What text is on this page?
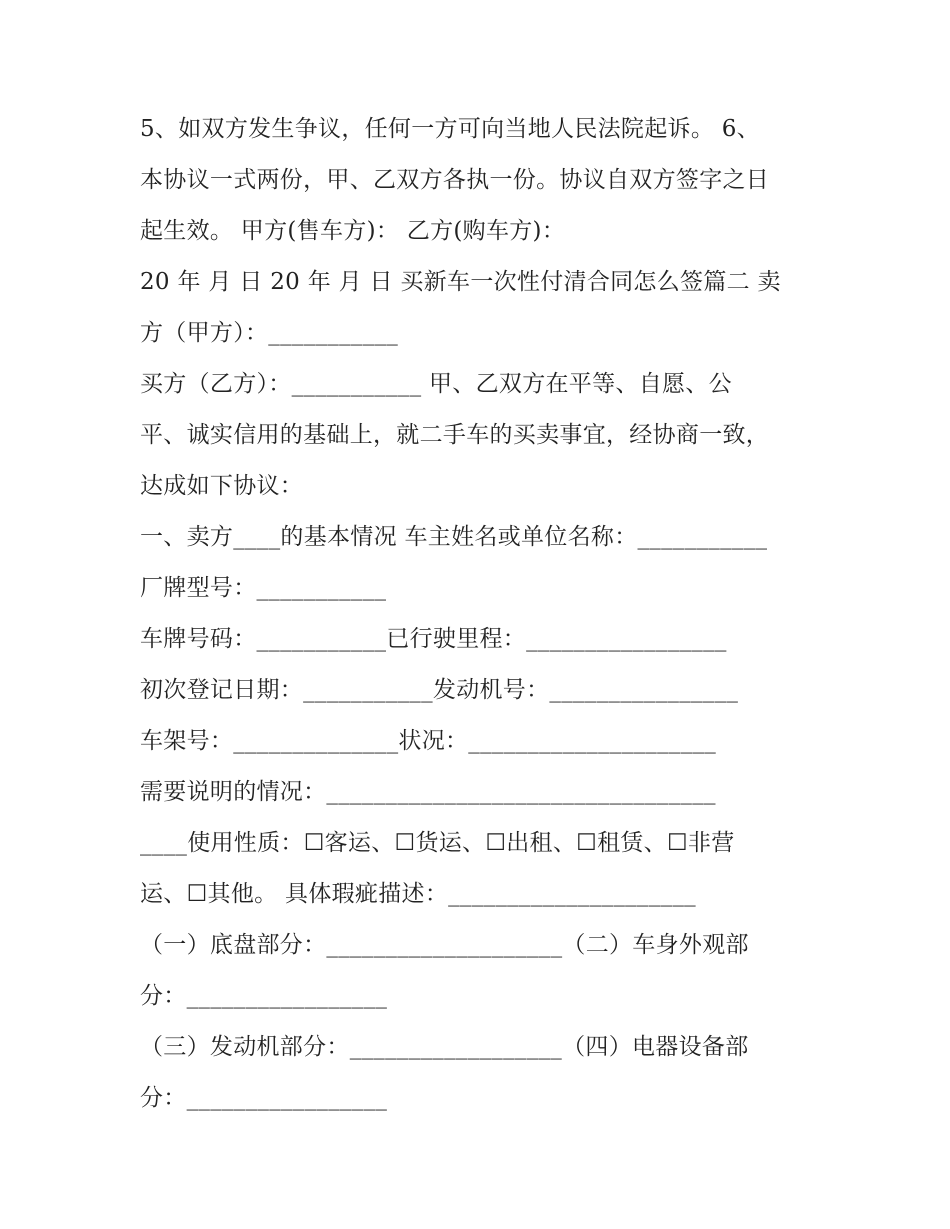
5、如双方发生争议，任何一方可向当地人民法院起诉。 6、
本协议一式两份，甲、乙双方各执一份。协议自双方签字之日
起生效。 甲方(售车方)： 乙方(购车方)：
20 年 月 日 20 年 月 日 买新车一次性付清合同怎么签篇二 卖
方（甲方）：___________
买方（乙方）：___________ 甲、乙双方在平等、自愿、公
平、诚实信用的基础上，就二手车的买卖事宜，经协商一致，
达成如下协议：
一、卖方____的基本情况 车主姓名或单位名称：___________
厂牌型号：___________
车牌号码：___________已行驶里程：_________________
初次登记日期：___________发动机号：________________
车架号：______________状况：_____________________
需要说明的情况：_________________________________
____使用性质：☐客运、☐货运、☐出租、☐租赁、☐非营
运、☐其他。 具体瑕疵描述：_____________________
（一）底盘部分：____________________（二）车身外观部
分：_________________
（三）发动机部分：__________________（四）电器设备部
分：_________________
